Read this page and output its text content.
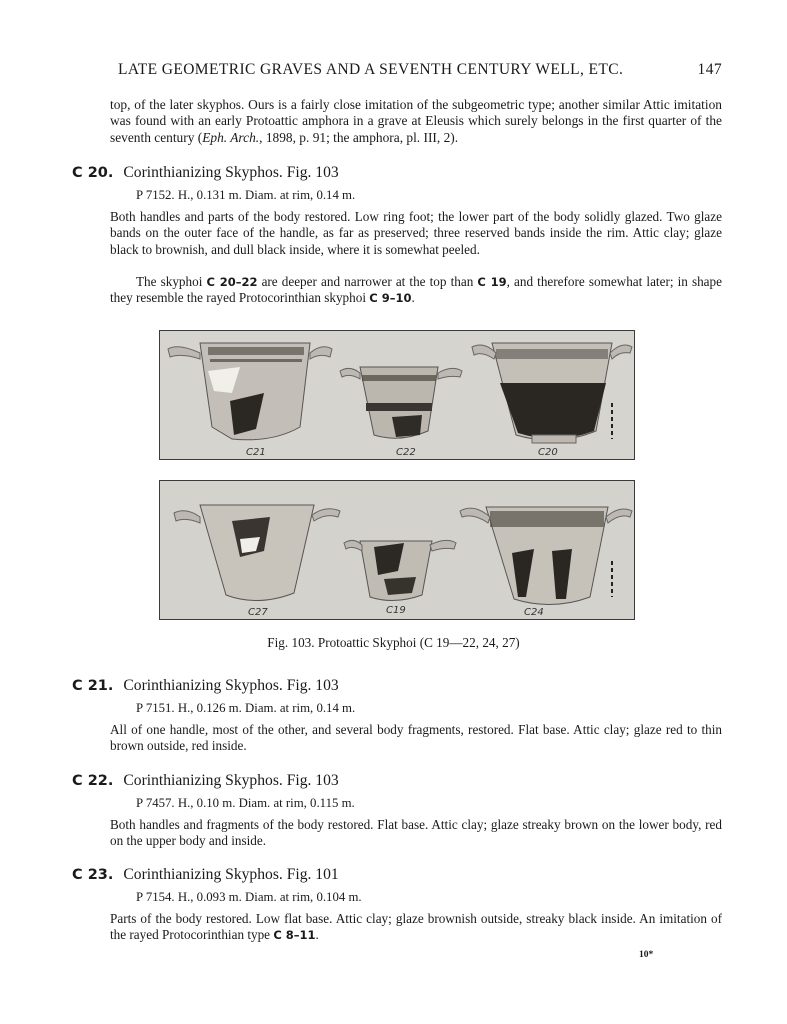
LATE GEOMETRIC GRAVES AND A SEVENTH CENTURY WELL, ETC.	147
top, of the later skyphos. Ours is a fairly close imitation of the subgeometric type; another similar Attic imitation was found with an early Protoattic amphora in a grave at Eleusis which surely belongs in the first quarter of the seventh century (Eph. Arch., 1898, p. 91; the amphora, pl. III, 2).
C 20. Corinthianizing Skyphos. Fig. 103
P 7152. H., 0.131 m. Diam. at rim, 0.14 m.
Both handles and parts of the body restored. Low ring foot; the lower part of the body solidly glazed. Two glaze bands on the outer face of the handle, as far as preserved; three reserved bands inside the rim. Attic clay; glaze black to brownish, and dull black inside, where it is somewhat peeled.
The skyphoi C 20–22 are deeper and narrower at the top than C 19, and therefore somewhat later; in shape they resemble the rayed Protocorinthian skyphoi C 9–10.
C21	C22	C20
C27	C19	C24
Fig. 103. Protoattic Skyphoi (C 19—22, 24, 27)
C 21. Corinthianizing Skyphos. Fig. 103
P 7151. H., 0.126 m. Diam. at rim, 0.14 m.
All of one handle, most of the other, and several body fragments, restored. Flat base. Attic clay; glaze red to thin brown outside, red inside.
C 22. Corinthianizing Skyphos. Fig. 103
P 7457. H., 0.10 m. Diam. at rim, 0.115 m.
Both handles and fragments of the body restored. Flat base. Attic clay; glaze streaky brown on the lower body, red on the upper body and inside.
C 23. Corinthianizing Skyphos. Fig. 101
P 7154. H., 0.093 m. Diam. at rim, 0.104 m.
Parts of the body restored. Low flat base. Attic clay; glaze brownish outside, streaky black inside. An imitation of the rayed Protocorinthian type C 8–11.
10*
